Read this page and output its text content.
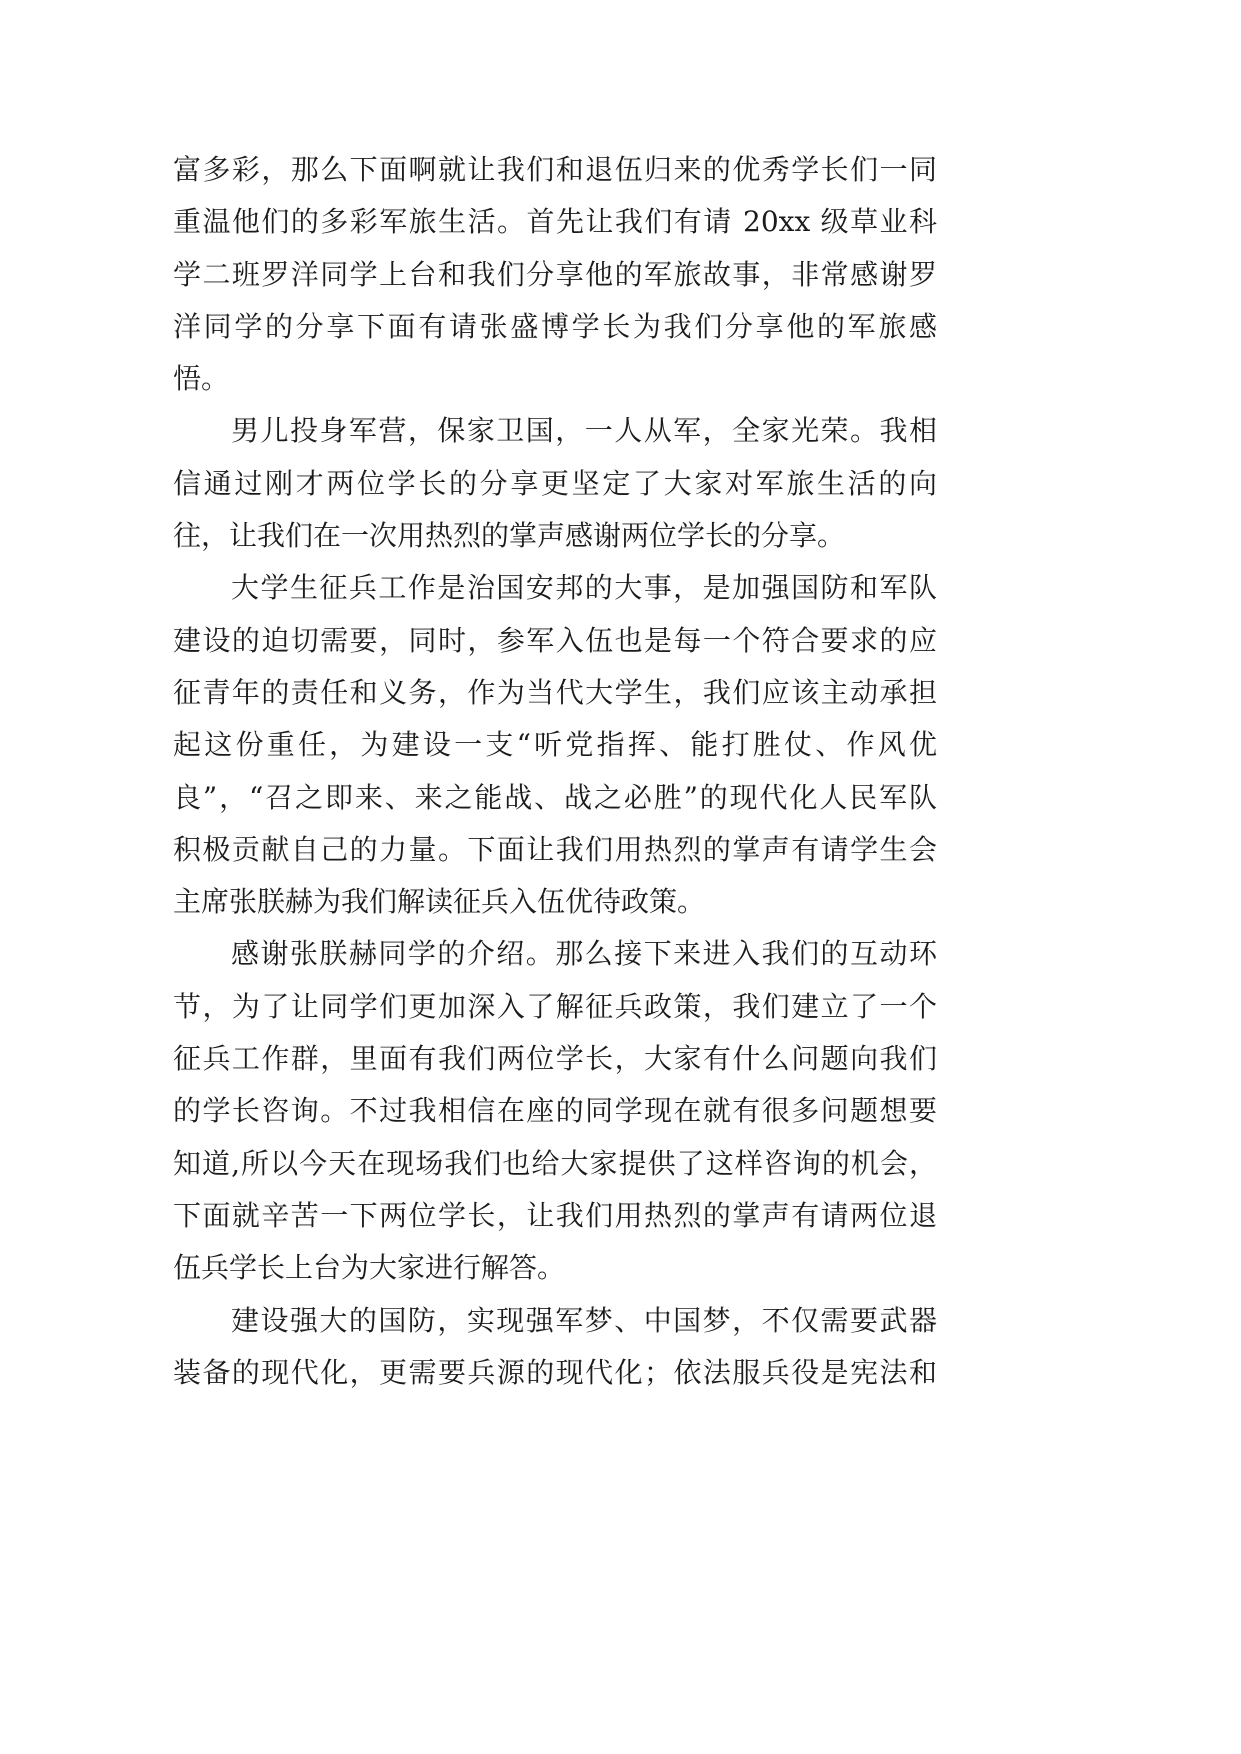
富多彩，那么下面啊就让我们和退伍归来的优秀学长们一同
重温他们的多彩军旅生活。首先让我们有请 20xx 级草业科
学二班罗洋同学上台和我们分享他的军旅故事，非常感谢罗
洋同学的分享下面有请张盛博学长为我们分享他的军旅感
悟。
男儿投身军营，保家卫国，一人从军，全家光荣。我相
信通过刚才两位学长的分享更坚定了大家对军旅生活的向
往，让我们在一次用热烈的掌声感谢两位学长的分享。
大学生征兵工作是治国安邦的大事，是加强国防和军队
建设的迫切需要，同时，参军入伍也是每一个符合要求的应
征青年的责任和义务，作为当代大学生，我们应该主动承担
起这份重任，为建设一支“听党指挥、能打胜仗、作风优
良”，“召之即来、来之能战、战之必胜”的现代化人民军队
积极贡献自己的力量。下面让我们用热烈的掌声有请学生会
主席张朕赫为我们解读征兵入伍优待政策。
感谢张朕赫同学的介绍。那么接下来进入我们的互动环
节，为了让同学们更加深入了解征兵政策，我们建立了一个
征兵工作群，里面有我们两位学长，大家有什么问题向我们
的学长咨询。不过我相信在座的同学现在就有很多问题想要
知道,所以今天在现场我们也给大家提供了这样咨询的机会，
下面就辛苦一下两位学长，让我们用热烈的掌声有请两位退
伍兵学长上台为大家进行解答。
建设强大的国防，实现强军梦、中国梦，不仅需要武器
装备的现代化，更需要兵源的现代化；依法服兵役是宪法和
